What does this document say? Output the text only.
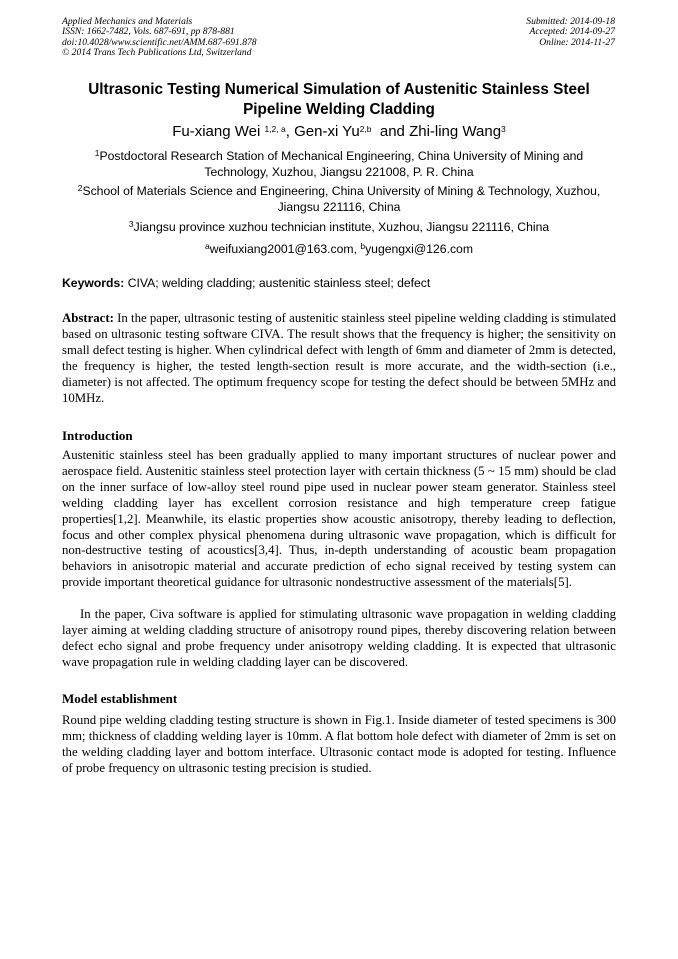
Applied Mechanics and Materials
ISSN: 1662-7482, Vols. 687-691, pp 878-881
doi:10.4028/www.scientific.net/AMM.687-691.878
© 2014 Trans Tech Publications Ltd, Switzerland
Submitted: 2014-09-18
Accepted: 2014-09-27
Online: 2014-11-27
Ultrasonic Testing Numerical Simulation of Austenitic Stainless Steel Pipeline Welding Cladding
Fu-xiang Wei $^{1,2, a}$, Gen-xi Yu$^{2,b}$  and Zhi-ling Wang$^3$
$^1$Postdoctoral Research Station of Mechanical Engineering, China University of Mining and Technology, Xuzhou, Jiangsu 221008, P. R. China
$^2$School of Materials Science and Engineering, China University of Mining & Technology, Xuzhou, Jiangsu 221116, China
$^3$Jiangsu province xuzhou technician institute, Xuzhou, Jiangsu 221116, China
$^a$weifuxiang2001@163.com, $^b$yugengxi@126.com
Keywords: CIVA; welding cladding; austenitic stainless steel; defect
Abstract: In the paper, ultrasonic testing of austenitic stainless steel pipeline welding cladding is stimulated based on ultrasonic testing software CIVA. The result shows that the frequency is higher; the sensitivity on small defect testing is higher. When cylindrical defect with length of 6mm and diameter of 2mm is detected, the frequency is higher, the tested length-section result is more accurate, and the width-section (i.e., diameter) is not affected. The optimum frequency scope for testing the defect should be between 5MHz and 10MHz.
Introduction
Austenitic stainless steel has been gradually applied to many important structures of nuclear power and aerospace field. Austenitic stainless steel protection layer with certain thickness (5 ~ 15 mm) should be clad on the inner surface of low-alloy steel round pipe used in nuclear power steam generator. Stainless steel welding cladding layer has excellent corrosion resistance and high temperature creep fatigue properties[1,2]. Meanwhile, its elastic properties show acoustic anisotropy, thereby leading to deflection, focus and other complex physical phenomena during ultrasonic wave propagation, which is difficult for non-destructive testing of acoustics[3,4]. Thus, in-depth understanding of acoustic beam propagation behaviors in anisotropic material and accurate prediction of echo signal received by testing system can provide important theoretical guidance for ultrasonic nondestructive assessment of the materials[5].
In the paper, Civa software is applied for stimulating ultrasonic wave propagation in welding cladding layer aiming at welding cladding structure of anisotropy round pipes, thereby discovering relation between defect echo signal and probe frequency under anisotropy welding cladding. It is expected that ultrasonic wave propagation rule in welding cladding layer can be discovered.
Model establishment
Round pipe welding cladding testing structure is shown in Fig.1. Inside diameter of tested specimens is 300 mm; thickness of cladding welding layer is 10mm. A flat bottom hole defect with diameter of 2mm is set on the welding cladding layer and bottom interface. Ultrasonic contact mode is adopted for testing. Influence of probe frequency on ultrasonic testing precision is studied.
